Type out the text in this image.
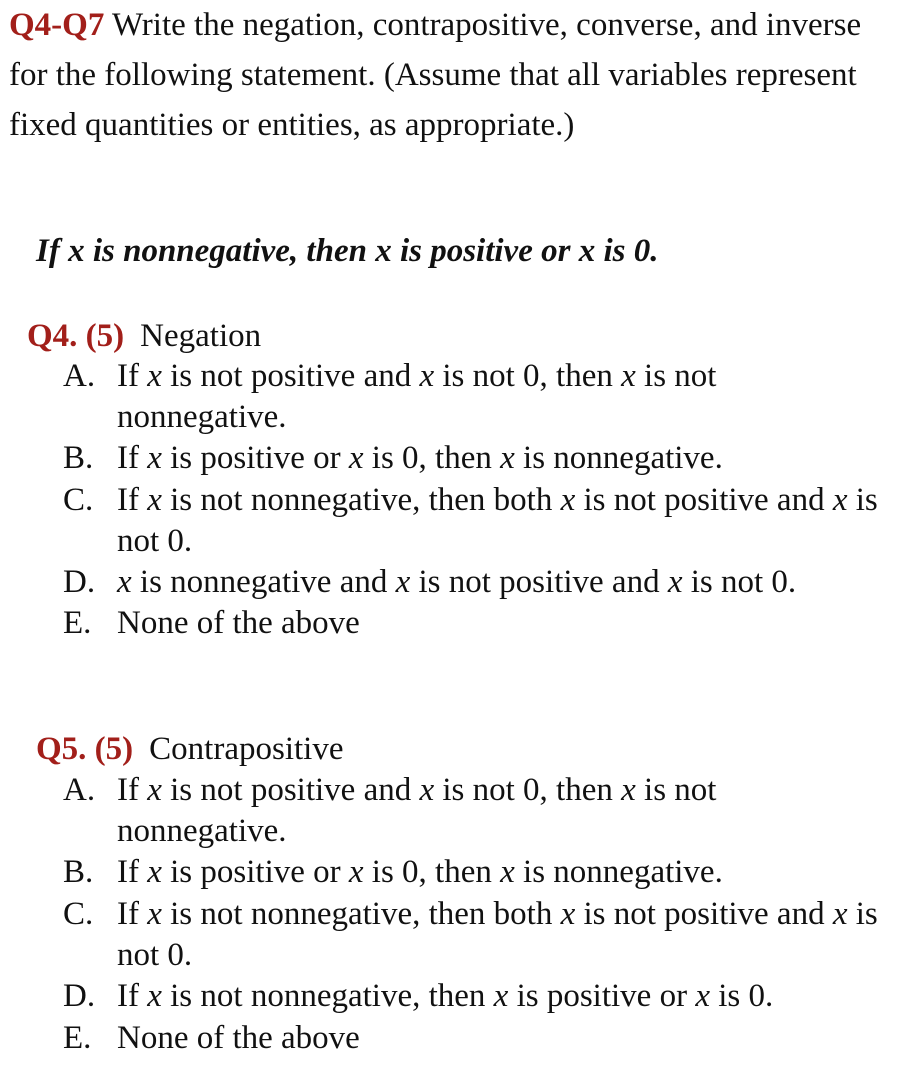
Q4-Q7 Write the negation, contrapositive, converse, and inverse for the following statement. (Assume that all variables represent fixed quantities or entities, as appropriate.)
If x is nonnegative, then x is positive or x is 0.
Q4. (5) Negation
A. If x is not positive and x is not 0, then x is not nonnegative.
B. If x is positive or x is 0, then x is nonnegative.
C. If x is not nonnegative, then both x is not positive and x is not 0.
D. x is nonnegative and x is not positive and x is not 0.
E. None of the above
Q5. (5) Contrapositive
A. If x is not positive and x is not 0, then x is not nonnegative.
B. If x is positive or x is 0, then x is nonnegative.
C. If x is not nonnegative, then both x is not positive and x is not 0.
D. If x is not nonnegative, then x is positive or x is 0.
E. None of the above
